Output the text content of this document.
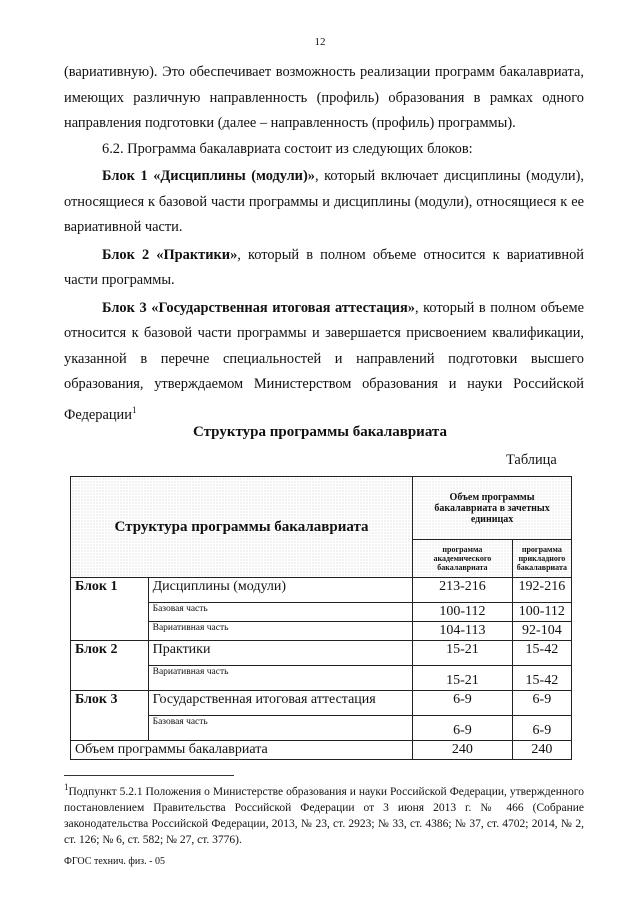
12

(вариативную). Это обеспечивает возможность реализации программ бакалавриата, имеющих различную направленность (профиль) образования в рамках одного направления подготовки (далее – направленность (профиль) программы).

6.2. Программа бакалавриата состоит из следующих блоков:

Блок 1 «Дисциплины (модули)», который включает дисциплины (модули), относящиеся к базовой части программы и дисциплины (модули), относящиеся к ее вариативной части.

Блок 2 «Практики», который в полном объеме относится к вариативной части программы.

Блок 3 «Государственная итоговая аттестация», который в полном объеме относится к базовой части программы и завершается присвоением квалификации, указанной в перечне специальностей и направлений подготовки высшего образования, утверждаемом Министерством образования и науки Российской Федерации$^1$

Структура программы бакалавриата
Таблица
Структура программы бакалавриата		Объем программы бакалавриата в зачетных единицах	
		программа академического бакалавриата	программа прикладного бакалавриата
Блок 1	Дисциплины (модули)	213-216	192-216
	Базовая часть	100-112	100-112
	Вариативная часть	104-113	92-104
Блок 2	Практики	15-21	15-42
	Вариативная часть	15-21	15-42
Блок 3	Государственная итоговая аттестация	6-9	6-9
	Базовая часть	6-9	6-9
Объем программы бакалавриата		240	240
$^1$Подпункт 5.2.1 Положения о Министерстве образования и науки Российской Федерации, утвержденного постановлением Правительства Российской Федерации от 3 июня 2013 г. № 466 (Собрание законодательства Российской Федерации, 2013, № 23, ст. 2923; № 33, ст. 4386; № 37, ст. 4702; 2014, № 2, ст. 126; № 6, ст. 582; № 27, ст. 3776).
ФГОС технич. физ. - 05
